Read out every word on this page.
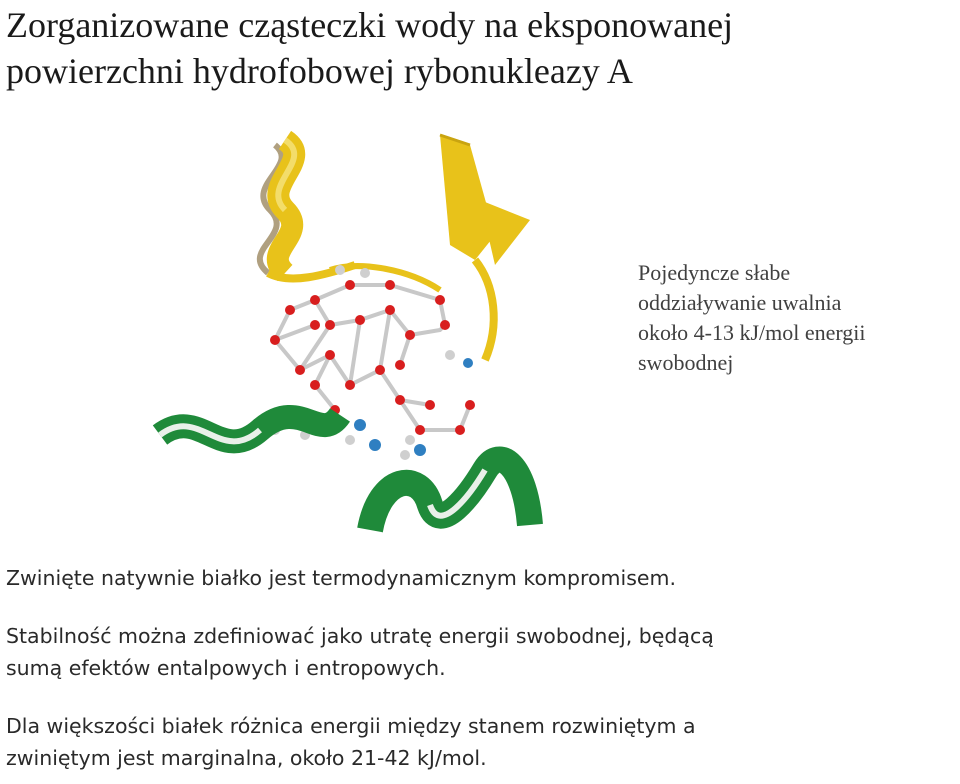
Zorganizowane cząsteczki wody na eksponowanej
powierzchni hydrofobowej rybonukleazy A
Pojedyncze słabe
oddziaływanie uwalnia
około 4-13 kJ/mol energii
swobodnej
Zwinięte natywnie białko jest termodynamicznym kompromisem.
Stabilność można zdefiniować jako utratę energii swobodnej, będącą
sumą efektów entalpowych i entropowych.
Dla większości białek różnica energii między stanem rozwiniętym a
zwiniętym jest marginalna, około 21-42 kJ/mol.
